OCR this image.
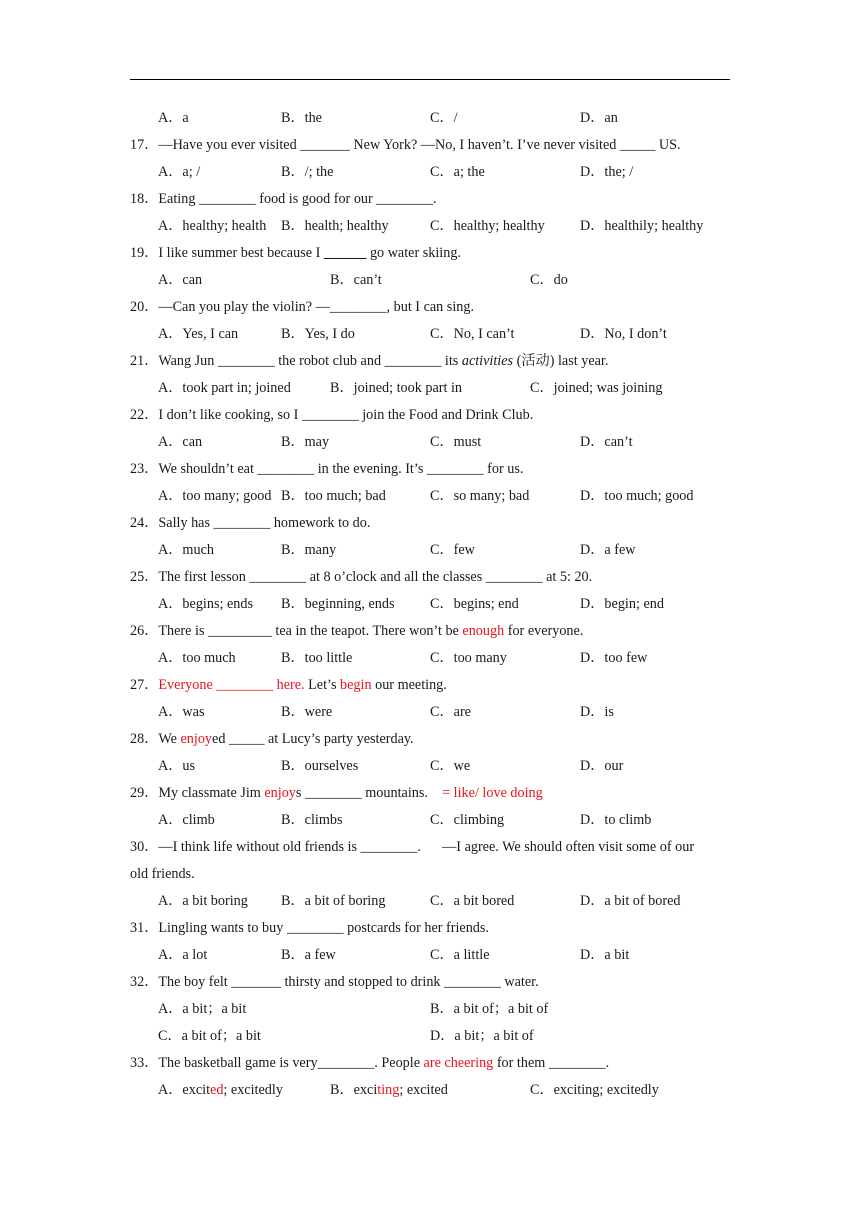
A．a	B．the	C．/	D．an
17．—Have you ever visited _______ New York? —No, I haven’t. I’ve never visited _____ US.
A．a; /	B．/; the	C．a; the	D．the; /
18．Eating ________ food is good for our ________.
A．healthy; health B．health; healthy	C．healthy; healthy D．healthily; healthy
19．I like summer best because I ______ go water skiing.
A．can	B．can’t	C．do
20．—Can you play the violin? —________, but I can sing.
A．Yes, I can	B．Yes, I do	C．No, I can’t	D．No, I don’t
21．Wang Jun ________ the robot club and ________ its activities (活动) last year.
A．took part in; joined	B．joined; took part in	C．joined; was joining
22．I don’t like cooking, so I ________ join the Food and Drink Club.
A．can	B．may	C．must	D．can’t
23．We shouldn’t eat ________ in the evening. It’s ________ for us.
A．too many; good B．too much; bad	C．so many; bad	D．too much; good
24．Sally has ________ homework to do.
A．much	B．many	C．few	D．a few
25．The first lesson ________ at 8 o’clock and all the classes ________ at 5: 20.
A．begins; ends B．beginning, ends	C．begins; end	D．begin; end
26．There is _________ tea in the teapot. There won’t be enough for everyone.
A．too much	B．too little	C．too many	D．too few
27．Everyone ________ here. Let’s begin our meeting.
A．was	B．were	C．are	D．is
28．We enjoyed _____ at Lucy’s party yesterday.
A．us	B．ourselves	C．we	D．our
29．My classmate Jim enjoys ________ mountains.    = like/ love doing
A．climb	B．climbs	C．climbing	D．to climb
30．—I think life without old friends is ________.      —I agree. We should often visit some of our
old friends.
A．a bit boring B．a bit of boring	C．a bit bored	D．a bit of bored
31．Lingling wants to buy ________ postcards for her friends.
A．a lot	B．a few	C．a little	D．a bit
32．The boy felt _______ thirsty and stopped to drink ________ water.
A．a bit；a bit	B．a bit of；a bit of
C．a bit of；a bit	D．a bit；a bit of
33．The basketball game is very________. People are cheering for them ________.
A．excited; excitedly	B．exciting; excited	C．exciting; excitedly
